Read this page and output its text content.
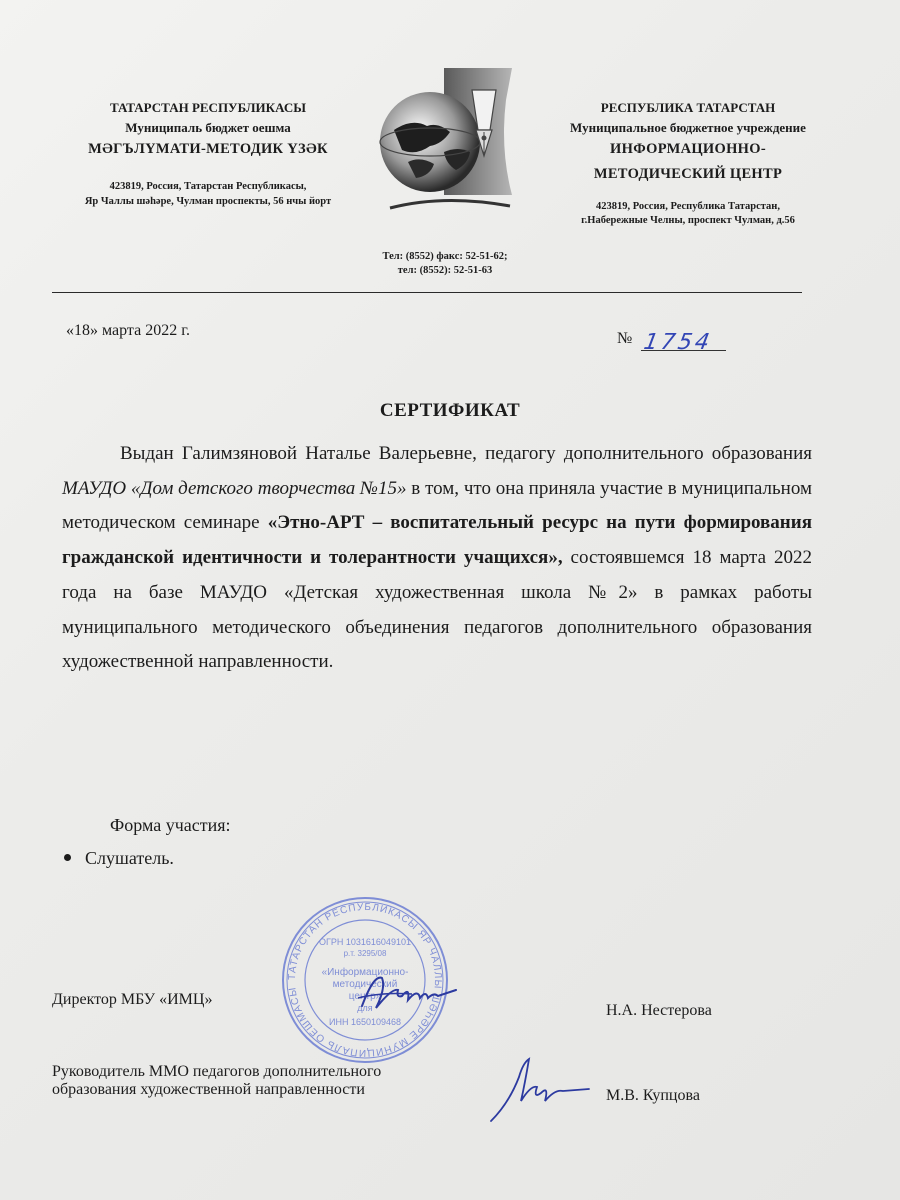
ТАТАРСТАН РЕСПУБЛИКАСЫ
Муниципаль бюджет оешма
МӘГЪЛҮМАТИ-МЕТОДИК ҮЗӘК
423819, Россия, Татарстан Республикасы,
Яр Чаллы шәһәре, Чулман проспекты, 56 нчы йорт
Тел: (8552) факс: 52-51-62;
тел: (8552): 52-51-63
РЕСПУБЛИКА ТАТАРСТАН
Муниципальное бюджетное учреждение
ИНФОРМАЦИОННО-
МЕТОДИЧЕСКИЙ ЦЕНТР
423819, Россия, Республика Татарстан,
г.Набережные Челны, проспект Чулман, д.56
«18» марта 2022 г.	№ 1754
СЕРТИФИКАТ
Выдан Галимзяновой Наталье Валерьевне, педагогу дополнительного образования МАУДО «Дом детского творчества №15» в том, что она приняла участие в муниципальном методическом семинаре «Этно-АРТ – воспитательный ресурс на пути формирования гражданской идентичности и толерантности учащихся», состоявшемся 18 марта 2022 года на базе МАУДО «Детская художественная школа №2» в рамках работы муниципального методического объединения педагогов дополнительного образования художественной направленности.
Форма участия:
Слушатель.
ТАТАРСТАН РЕСПУБЛИКАСЫ ЯР ЧАЛЛЫ ШӘҺӘРЕ МУНИЦИПАЛЬ ОЕШМАСЫ
ОГРН 1031616049101
р.т. 3295/08
«Информационно-
методический
центр»
для
ИНН 1650109468
Директор МБУ «ИМЦ»
Н.А. Нестерова
Руководитель ММО педагогов дополнительного
образования художественной направленности	М.В. Купцова
